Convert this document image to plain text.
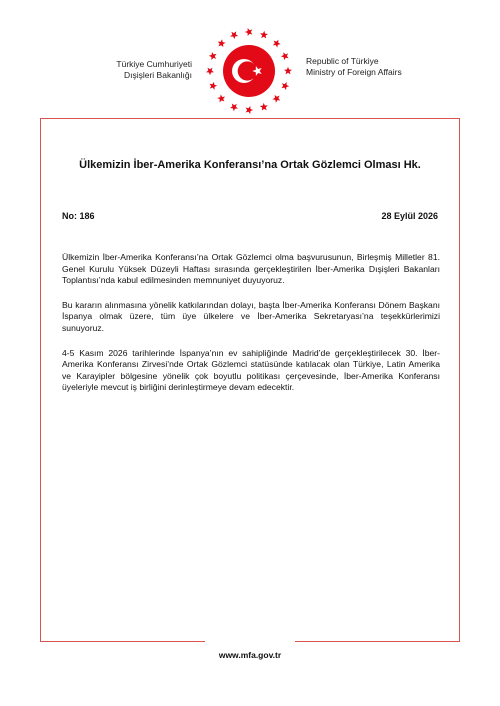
Türkiye Cumhuriyeti
Dışişleri Bakanlığı
Republic of Türkiye
Ministry of Foreign Affairs
Ülkemizin İber-Amerika Konferansı’na Ortak Gözlemci Olması Hk.
No: 186	28 Eylül 2026

Ülkemizin İber-Amerika Konferansı’na Ortak Gözlemci olma başvurusunun, Birleşmiş Milletler 81. Genel Kurulu Yüksek Düzeyli Haftası sırasında gerçekleştirilen İber-Amerika Dışişleri Bakanları Toplantısı’nda kabul edilmesinden memnuniyet duyuyoruz.

Bu kararın alınmasına yönelik katkılarından dolayı, başta İber-Amerika Konferansı Dönem Başkanı İspanya olmak üzere, tüm üye ülkelere ve İber-Amerika Sekretaryası’na teşekkürlerimizi sunuyoruz.

4-5 Kasım 2026 tarihlerinde İspanya’nın ev sahipliğinde Madrid’de gerçekleştirilecek 30. İber-Amerika Konferansı Zirvesi’nde Ortak Gözlemci statüsünde katılacak olan Türkiye, Latin Amerika ve Karayipler bölgesine yönelik çok boyutlu politikası çerçevesinde, İber-Amerika Konferansı üyeleriyle mevcut iş birliğini derinleştirmeye devam edecektir.

www.mfa.gov.tr
